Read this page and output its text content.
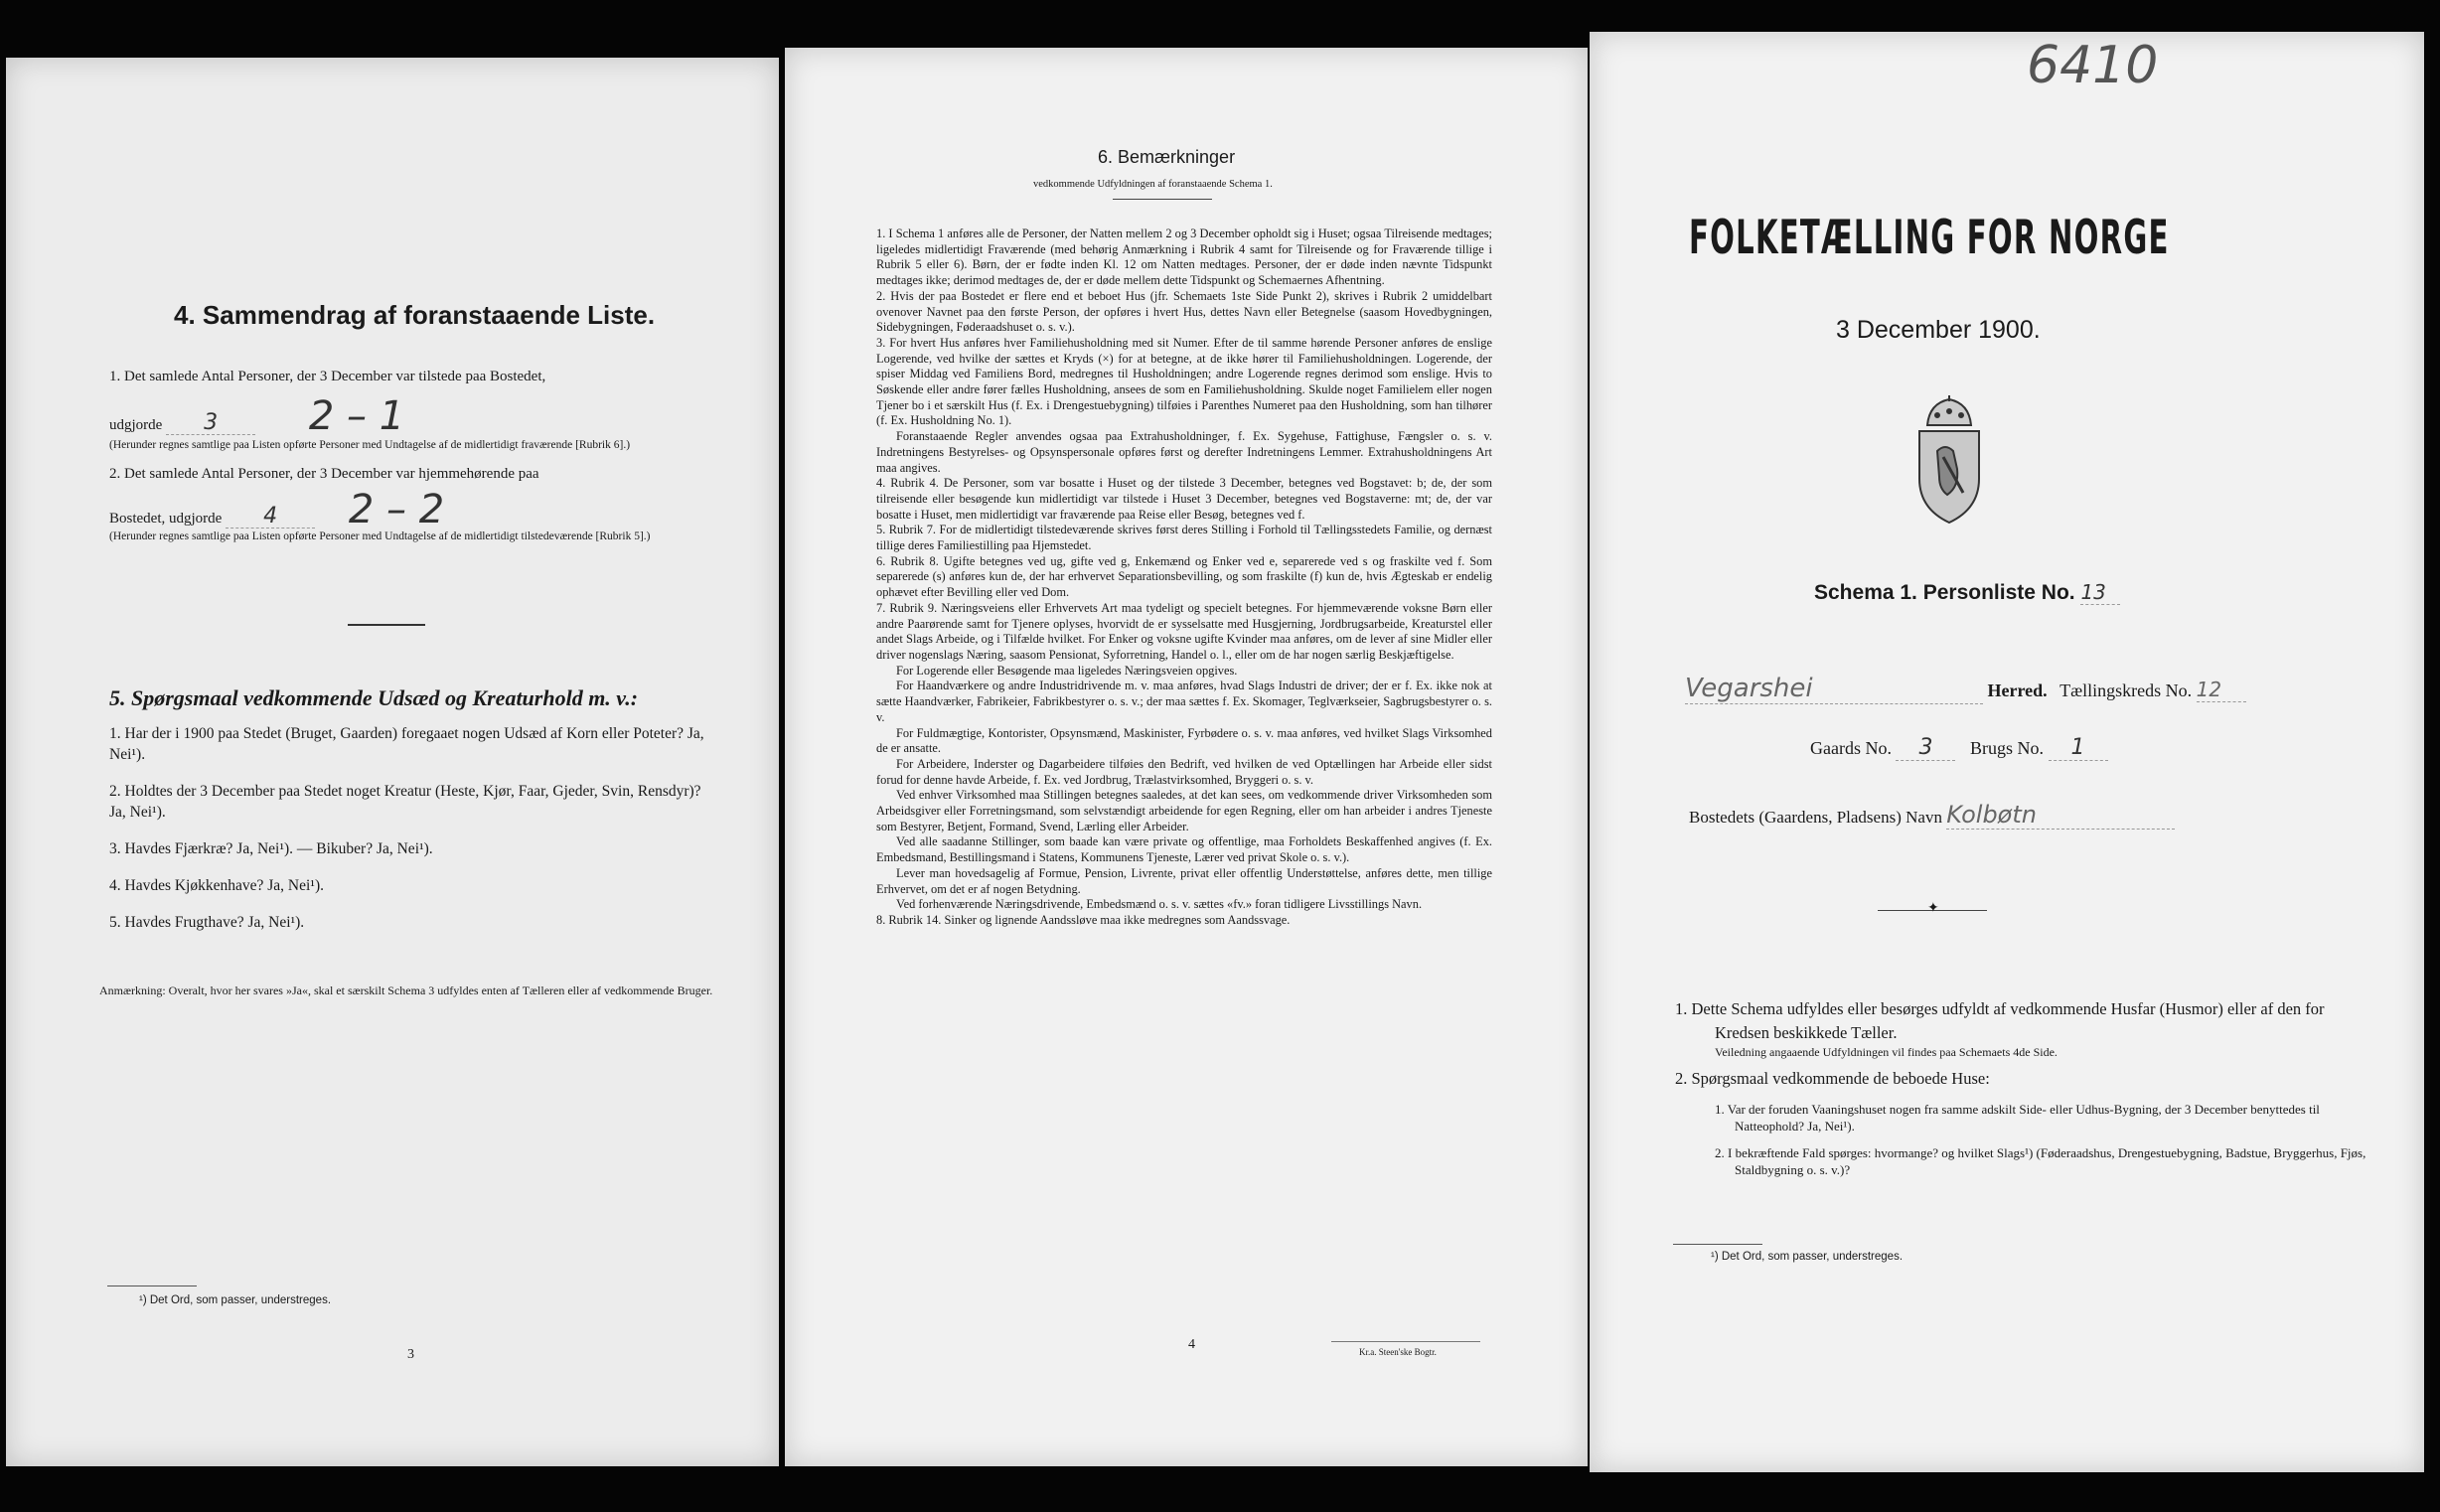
4. Sammendrag af foranstaaende Liste.
1. Det samlede Antal Personer, der 3 December var tilstede paa Bostedet,
udgjorde 3 2 – 1
(Herunder regnes samtlige paa Listen opførte Personer med Undtagelse af de midlertidigt fraværende [Rubrik 6].)
2. Det samlede Antal Personer, der 3 December var hjemmehørende paa
Bostedet, udgjorde 4 2 – 2
(Herunder regnes samtlige paa Listen opførte Personer med Undtagelse af de midlertidigt tilstedeværende [Rubrik 5].)
5. Spørgsmaal vedkommende Udsæd og Kreaturhold m. v.:
1. Har der i 1900 paa Stedet (Bruget, Gaarden) foregaaet nogen Udsæd af Korn eller Poteter? Ja, Nei¹).
2. Holdtes der 3 December paa Stedet noget Kreatur (Heste, Kjør, Faar, Gjeder, Svin, Rensdyr)? Ja, Nei¹).
3. Havdes Fjærkræ? Ja, Nei¹). — Bikuber? Ja, Nei¹).
4. Havdes Kjøkkenhave? Ja, Nei¹).
5. Havdes Frugthave? Ja, Nei¹).
Anmærkning: Overalt, hvor her svares »Ja«, skal et særskilt Schema 3 udfyldes enten af Tælleren eller af vedkommende Bruger.
¹) Det Ord, som passer, understreges.
3
6. Bemærkninger
vedkommende Udfyldningen af foranstaaende Schema 1.
1. I Schema 1 anføres alle de Personer, der Natten mellem 2 og 3 December opholdt sig i Huset; ogsaa Tilreisende medtages; ligeledes midlertidigt Fraværende (med behørig Anmærkning i Rubrik 4 samt for Tilreisende og for Fraværende tillige i Rubrik 5 eller 6). Børn, der er fødte inden Kl. 12 om Natten medtages. Personer, der er døde inden nævnte Tidspunkt medtages ikke; derimod medtages de, der er døde mellem dette Tidspunkt og Schemaernes Afhentning.
2. Hvis der paa Bostedet er flere end et beboet Hus (jfr. Schemaets 1ste Side Punkt 2), skrives i Rubrik 2 umiddelbart ovenover Navnet paa den første Person, der opføres i hvert Hus, dettes Navn eller Betegnelse (saasom Hovedbygningen, Sidebygningen, Føderaadshuset o. s. v.).
3. For hvert Hus anføres hver Familiehusholdning med sit Numer. Efter de til samme hørende Personer anføres de enslige Logerende, ved hvilke der sættes et Kryds (×) for at betegne, at de ikke hører til Familiehusholdningen. Logerende, der spiser Middag ved Familiens Bord, medregnes til Husholdningen; andre Logerende regnes derimod som enslige. Hvis to Søskende eller andre fører fælles Husholdning, ansees de som en Familiehusholdning. Skulde noget Familielem eller nogen Tjener bo i et særskilt Hus (f. Ex. i Drengestuebygning) tilføies i Parenthes Numeret paa den Husholdning, som han tilhører (f. Ex. Husholdning No. 1).
Foranstaaende Regler anvendes ogsaa paa Extrahusholdninger, f. Ex. Sygehuse, Fattighuse, Fængsler o. s. v. Indretningens Bestyrelses- og Opsynspersonale opføres først og derefter Indretningens Lemmer. Extrahusholdningens Art maa angives.
4. Rubrik 4. De Personer, som var bosatte i Huset og der tilstede 3 December, betegnes ved Bogstavet: b; de, der som tilreisende eller besøgende kun midlertidigt var tilstede i Huset 3 December, betegnes ved Bogstaverne: mt; de, der var bosatte i Huset, men midlertidigt var fraværende paa Reise eller Besøg, betegnes ved f.
5. Rubrik 7. For de midlertidigt tilstedeværende skrives først deres Stilling i Forhold til Tællingsstedets Familie, og dernæst tillige deres Familiestilling paa Hjemstedet.
6. Rubrik 8. Ugifte betegnes ved ug, gifte ved g, Enkemænd og Enker ved e, separerede ved s og fraskilte ved f. Som separerede (s) anføres kun de, der har erhvervet Separationsbevilling, og som fraskilte (f) kun de, hvis Ægteskab er endelig ophævet efter Bevilling eller ved Dom.
7. Rubrik 9. Næringsveiens eller Erhvervets Art maa tydeligt og specielt betegnes. For hjemmeværende voksne Børn eller andre Paarørende samt for Tjenere oplyses, hvorvidt de er sysselsatte med Husgjerning, Jordbrugsarbeide, Kreaturstel eller andet Slags Arbeide, og i Tilfælde hvilket. For Enker og voksne ugifte Kvinder maa anføres, om de lever af sine Midler eller driver nogenslags Næring, saasom Pensionat, Syforretning, Handel o. l., eller om de har nogen særlig Beskjæftigelse.
For Logerende eller Besøgende maa ligeledes Næringsveien opgives.
For Haandværkere og andre Industridrivende m. v. maa anføres, hvad Slags Industri de driver; der er f. Ex. ikke nok at sætte Haandværker, Fabrikeier, Fabrikbestyrer o. s. v.; der maa sættes f. Ex. Skomager, Teglværkseier, Sagbrugsbestyrer o. s. v.
For Fuldmægtige, Kontorister, Opsynsmænd, Maskinister, Fyrbødere o. s. v. maa anføres, ved hvilket Slags Virksomhed de er ansatte.
For Arbeidere, Inderster og Dagarbeidere tilføies den Bedrift, ved hvilken de ved Optællingen har Arbeide eller sidst forud for denne havde Arbeide, f. Ex. ved Jordbrug, Trælastvirksomhed, Bryggeri o. s. v.
Ved enhver Virksomhed maa Stillingen betegnes saaledes, at det kan sees, om vedkommende driver Virksomheden som Arbeidsgiver eller Forretningsmand, som selvstændigt arbeidende for egen Regning, eller om han arbeider i andres Tjeneste som Bestyrer, Betjent, Formand, Svend, Lærling eller Arbeider.
Ved alle saadanne Stillinger, som baade kan være private og offentlige, maa Forholdets Beskaffenhed angives (f. Ex. Embedsmand, Bestillingsmand i Statens, Kommunens Tjeneste, Lærer ved privat Skole o. s. v.).
Lever man hovedsagelig af Formue, Pension, Livrente, privat eller offentlig Understøttelse, anføres dette, men tillige Erhvervet, om det er af nogen Betydning.
Ved forhenværende Næringsdrivende, Embedsmænd o. s. v. sættes «fv.» foran tidligere Livsstillings Navn.
8. Rubrik 14. Sinker og lignende Aandssløve maa ikke medregnes som Aandssvage.
4	Kr.a. Steen'ske Bogtr.
6410
FOLKETÆLLING FOR NORGE
3 December 1900.
Schema 1. Personliste No. 13
Vegarshei	Herred. Tællingskreds No. 12
Gaards No. 3 Brugs No. 1
Bostedets (Gaardens, Pladsens) Navn Kolbøtn
✦
1. Dette Schema udfyldes eller besørges udfyldt af vedkommende Husfar (Husmor) eller af den for Kredsen beskikkede Tæller.
Veiledning angaaende Udfyldningen vil findes paa Schemaets 4de Side.
2. Spørgsmaal vedkommende de beboede Huse:
1. Var der foruden Vaaningshuset nogen fra samme adskilt Side- eller Udhus-Bygning, der 3 December benyttedes til Natteophold? Ja, Nei¹).
2. I bekræftende Fald spørges: hvormange? og hvilket Slags¹) (Føderaadshus, Drengestuebygning, Badstue, Bryggerhus, Fjøs, Staldbygning o. s. v.)?
¹) Det Ord, som passer, understreges.
